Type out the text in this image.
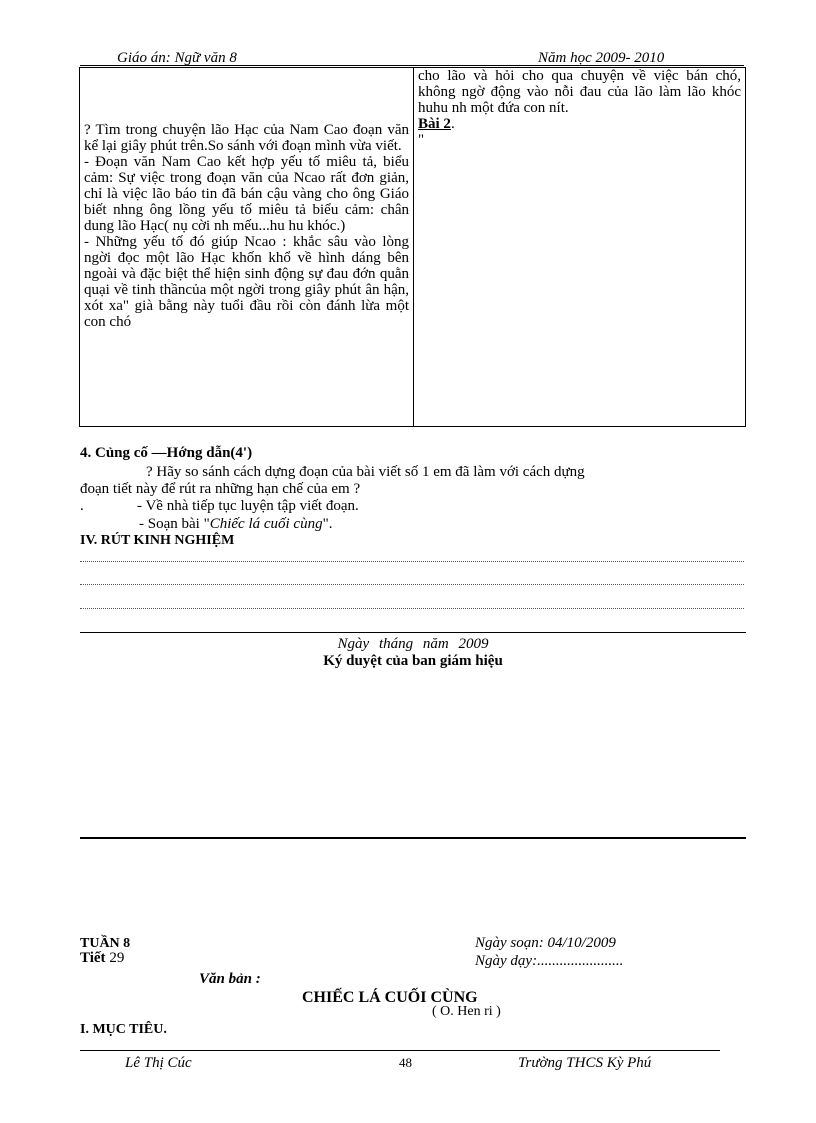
Giáo án: Ngữ văn 8	Năm học 2009- 2010

? Tìm trong chuyện lão Hạc của Nam Cao đoạn văn kể lại giây phút trên.So sánh với đoạn mình vừa viết.

- Đoạn văn Nam Cao kết hợp yếu tố miêu tả, biểu cảm: Sự việc trong đoạn văn của Ncao rất đơn giản, chỉ là việc lão báo tin đã bán cậu vàng cho ông Giáo biết nhng ông lồng yếu tố miêu tả biểu cảm: chân dung lão Hạc( nụ cời nh mếu...hu hu khóc.)

- Những yếu tố đó giúp Ncao : khắc sâu vào lòng ngời đọc một lão Hạc khốn khổ về hình dáng bên ngoài và đặc biệt thể hiện sinh động sự đau đớn quằn quại về tinh thầncủa một ngời trong giây phút ân hận, xót xa" già bằng này tuổi đầu rồi còn đánh lừa một con chó

cho lão và hỏi cho qua chuyện về việc bán chó, không ngờ động vào nỗi đau của lão làm lão khóc huhu nh một đứa con nít.

Bài 2.

"

4. Củng cố —Hớng dẫn(4')
? Hãy so sánh cách dựng đoạn của bài viết số 1 em đã làm với cách dựng
đoạn tiết này để rút ra những hạn chế của em ?
.	- Về nhà tiếp tục luyện tập viết đoạn.
- Soạn bài "Chiếc lá cuối cùng".
IV. RÚT KINH NGHIỆM
Ngày tháng năm 2009
Ký duyệt của ban giám hiệu
TUẦN 8
Tiết 29
Ngày soạn: 04/10/2009
Ngày dạy:.......................
Văn bản :
CHIẾC LÁ CUỐI CÙNG
( O. Hen ri )
I. MỤC TIÊU.
Lê Thị Cúc	48	Trường THCS Kỳ Phú
